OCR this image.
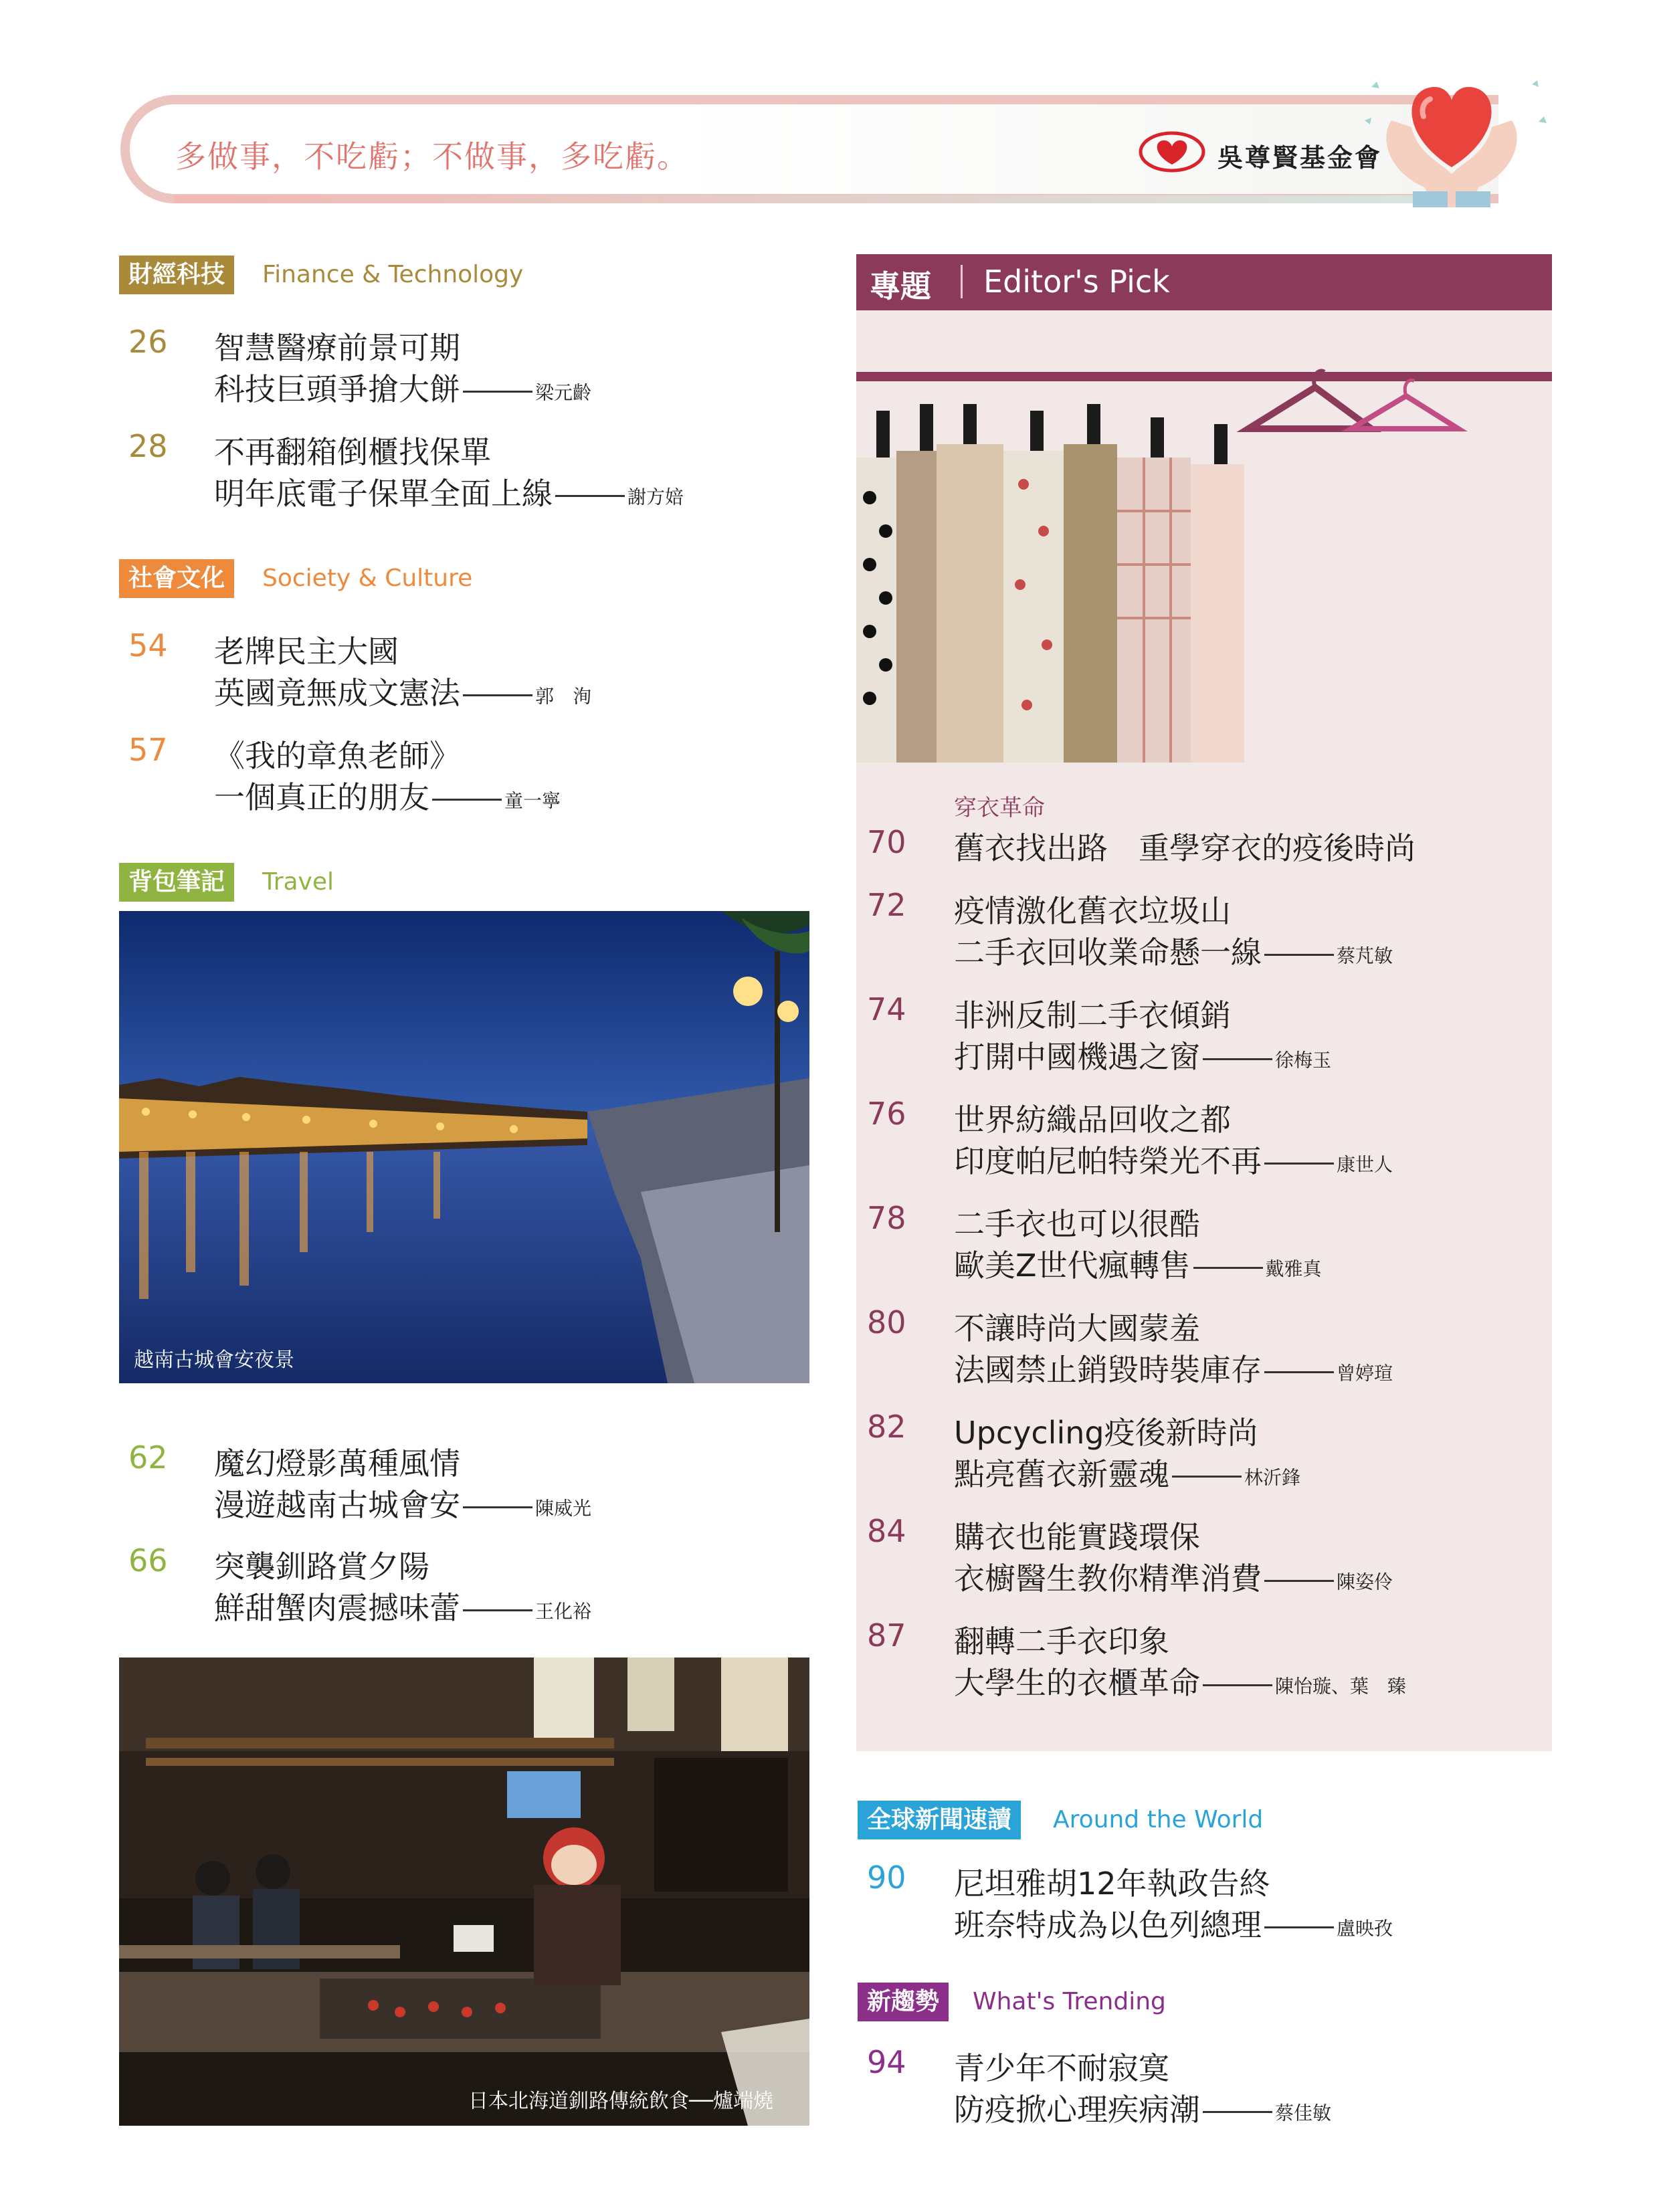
多做事，不吃虧；不做事，多吃虧。	吳尊賢基金會
財經科技	Finance & Technology
26 智慧醫療前景可期
科技巨頭爭搶大餅	梁元齡
28 不再翻箱倒櫃找保單
明年底電子保單全面上線	謝方婄
社會文化	Society & Culture
54 老牌民主大國
英國竟無成文憲法	郭　洵
57 《我的章魚老師》
一個真正的朋友	童一寧
背包筆記	Travel
越南古城會安夜景
62 魔幻燈影萬種風情
漫遊越南古城會安	陳威光
66 突襲釧路賞夕陽
鮮甜蟹肉震撼味蕾	王化裕
日本北海道釧路傳統飲食──爐端燒
專題 Editor's Pick
穿衣革命
70 舊衣找出路　重學穿衣的疫後時尚
72 疫情激化舊衣垃圾山
二手衣回收業命懸一線	蔡芃敏
74 非洲反制二手衣傾銷
打開中國機遇之窗	徐梅玉
76 世界紡織品回收之都
印度帕尼帕特榮光不再	康世人
78 二手衣也可以很酷
歐美Z世代瘋轉售	戴雅真
80 不讓時尚大國蒙羞
法國禁止銷毀時裝庫存	曾婷瑄
82 Upcycling疫後新時尚
點亮舊衣新靈魂	林沂鋒
84 購衣也能實踐環保
衣櫥醫生教你精準消費	陳姿伶
87 翻轉二手衣印象
大學生的衣櫃革命	陳怡璇、葉　臻
全球新聞速讀	Around the World
90 尼坦雅胡12年執政告終
班奈特成為以色列總理	盧映孜
新趨勢	What's Trending
94 青少年不耐寂寞
防疫掀心理疾病潮	蔡佳敏
